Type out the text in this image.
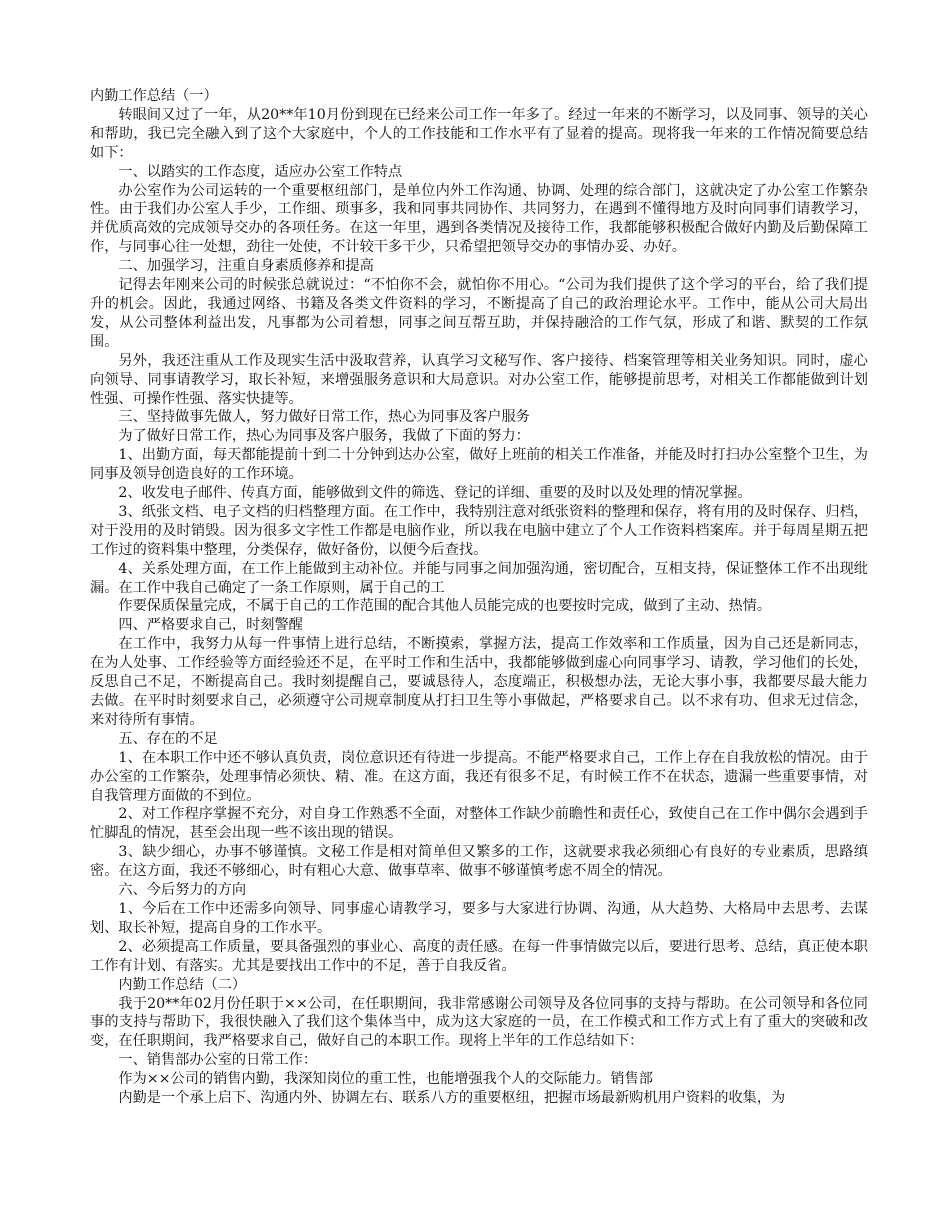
内勤工作总结（一）

转眼间又过了一年，从20**年10月份到现在已经来公司工作一年多了。经过一年来的不断学习，以及同事、领导的关心和帮助，我已完全融入到了这个大家庭中，个人的工作技能和工作水平有了显着的提高。现将我一年来的工作情况简要总结如下：

一、以踏实的工作态度，适应办公室工作特点

办公室作为公司运转的一个重要枢纽部门，是单位内外工作沟通、协调、处理的综合部门，这就决定了办公室工作繁杂性。由于我们办公室人手少，工作细、琐事多，我和同事共同协作、共同努力，在遇到不懂得地方及时向同事们请教学习，并优质高效的完成领导交办的各项任务。在这一年里，遇到各类情况及接待工作，我都能够积极配合做好内勤及后勤保障工作，与同事心往一处想，劲往一处使，不计较干多干少，只希望把领导交办的事情办妥、办好。

二、加强学习，注重自身素质修养和提高

记得去年刚来公司的时候张总就说过：“不怕你不会，就怕你不用心。“公司为我们提供了这个学习的平台，给了我们提升的机会。因此，我通过网络、书籍及各类文件资料的学习，不断提高了自己的政治理论水平。工作中，能从公司大局出发，从公司整体利益出发，凡事都为公司着想，同事之间互帮互助，并保持融洽的工作气氛，形成了和谐、默契的工作氛围。

另外，我还注重从工作及现实生活中汲取营养，认真学习文秘写作、客户接待、档案管理等相关业务知识。同时，虚心向领导、同事请教学习，取长补短，来增强服务意识和大局意识。对办公室工作，能够提前思考，对相关工作都能做到计划性强、可操作性强、落实快捷等。

三、坚持做事先做人，努力做好日常工作，热心为同事及客户服务

为了做好日常工作，热心为同事及客户服务，我做了下面的努力：

1、出勤方面，每天都能提前十到二十分钟到达办公室，做好上班前的相关工作准备，并能及时打扫办公室整个卫生，为同事及领导创造良好的工作环境。

2、收发电子邮件、传真方面，能够做到文件的筛选、登记的详细、重要的及时以及处理的情况掌握。

3、纸张文档、电子文档的归档整理方面。在工作中，我特别注意对纸张资料的整理和保存，将有用的及时保存、归档，对于没用的及时销毁。因为很多文字性工作都是电脑作业，所以我在电脑中建立了个人工作资料档案库。并于每周星期五把工作过的资料集中整理，分类保存，做好备份，以便今后查找。

4、关系处理方面，在工作上能做到主动补位。并能与同事之间加强沟通，密切配合，互相支持，保证整体工作不出现纰漏。在工作中我自己确定了一条工作原则，属于自己的工

作要保质保量完成，不属于自己的工作范围的配合其他人员能完成的也要按时完成，做到了主动、热情。

四、严格要求自己，时刻警醒

在工作中，我努力从每一件事情上进行总结，不断摸索，掌握方法，提高工作效率和工作质量，因为自己还是新同志，在为人处事、工作经验等方面经验还不足，在平时工作和生活中，我都能够做到虚心向同事学习、请教，学习他们的长处，反思自己不足，不断提高自己。我时刻提醒自己，要诚恳待人，态度端正，积极想办法，无论大事小事，我都要尽最大能力去做。在平时时刻要求自己，必须遵守公司规章制度从打扫卫生等小事做起，严格要求自己。以不求有功、但求无过信念，来对待所有事情。

五、存在的不足

1、在本职工作中还不够认真负责，岗位意识还有待进一步提高。不能严格要求自己，工作上存在自我放松的情况。由于办公室的工作繁杂，处理事情必须快、精、准。在这方面，我还有很多不足，有时候工作不在状态，遗漏一些重要事情，对自我管理方面做的不到位。

2、对工作程序掌握不充分，对自身工作熟悉不全面，对整体工作缺少前瞻性和责任心，致使自己在工作中偶尔会遇到手忙脚乱的情况，甚至会出现一些不该出现的错误。

3、缺少细心，办事不够谨慎。文秘工作是相对简单但又繁多的工作，这就要求我必须细心有良好的专业素质，思路缜密。在这方面，我还不够细心，时有粗心大意、做事草率、做事不够谨慎考虑不周全的情况。

六、今后努力的方向

1、今后在工作中还需多向领导、同事虚心请教学习，要多与大家进行协调、沟通，从大趋势、大格局中去思考、去谋划、取长补短，提高自身的工作水平。

2、必须提高工作质量，要具备强烈的事业心、高度的责任感。在每一件事情做完以后，要进行思考、总结，真正使本职工作有计划、有落实。尤其是要找出工作中的不足，善于自我反省。

内勤工作总结（二）

我于20**年02月份任职于××公司，在任职期间，我非常感谢公司领导及各位同事的支持与帮助。在公司领导和各位同事的支持与帮助下，我很快融入了我们这个集体当中，成为这大家庭的一员，在工作模式和工作方式上有了重大的突破和改变，在任职期间，我严格要求自己，做好自己的本职工作。现将上半年的工作总结如下：

一、销售部办公室的日常工作：

作为××公司的销售内勤，我深知岗位的重工性，也能增强我个人的交际能力。销售部

内勤是一个承上启下、沟通内外、协调左右、联系八方的重要枢纽，把握市场最新购机用户资料的收集，为
